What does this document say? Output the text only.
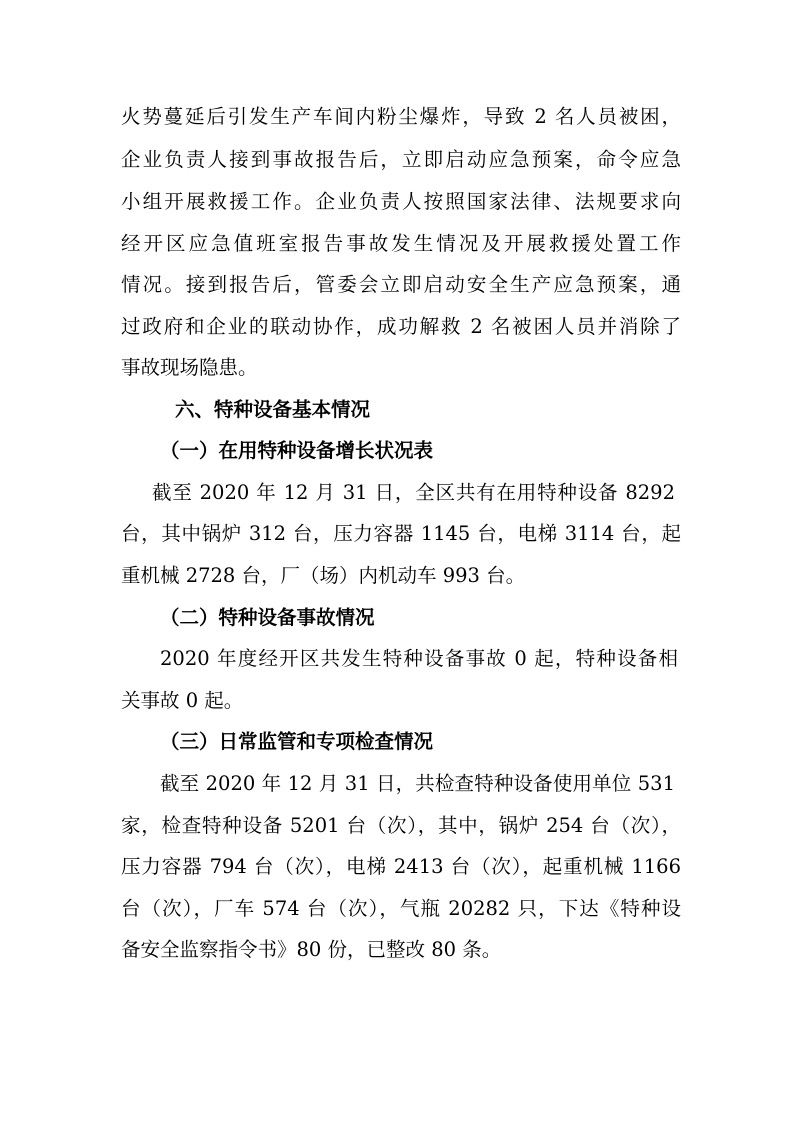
火势蔓延后引发生产车间内粉尘爆炸，导致 2 名人员被困，
企业负责人接到事故报告后，立即启动应急预案，命令应急
小组开展救援工作。企业负责人按照国家法律、法规要求向
经开区应急值班室报告事故发生情况及开展救援处置工作
情况。接到报告后，管委会立即启动安全生产应急预案，通
过政府和企业的联动协作，成功解救 2 名被困人员并消除了
事故现场隐患。
六、特种设备基本情况
（一）在用特种设备增长状况表
截至 2020 年 12 月 31 日，全区共有在用特种设备 8292
台，其中锅炉 312 台，压力容器 1145 台，电梯 3114 台，起
重机械 2728 台，厂（场）内机动车 993 台。
（二）特种设备事故情况
2020 年度经开区共发生特种设备事故 0 起，特种设备相
关事故 0 起。
（三）日常监管和专项检查情况
截至 2020 年 12 月 31 日，共检查特种设备使用单位 531
家，检查特种设备 5201 台（次），其中，锅炉 254 台（次），
压力容器 794 台（次），电梯 2413 台（次），起重机械 1166
台（次），厂车 574 台（次），气瓶 20282 只，下达《特种设
备安全监察指令书》80 份，已整改 80 条。
